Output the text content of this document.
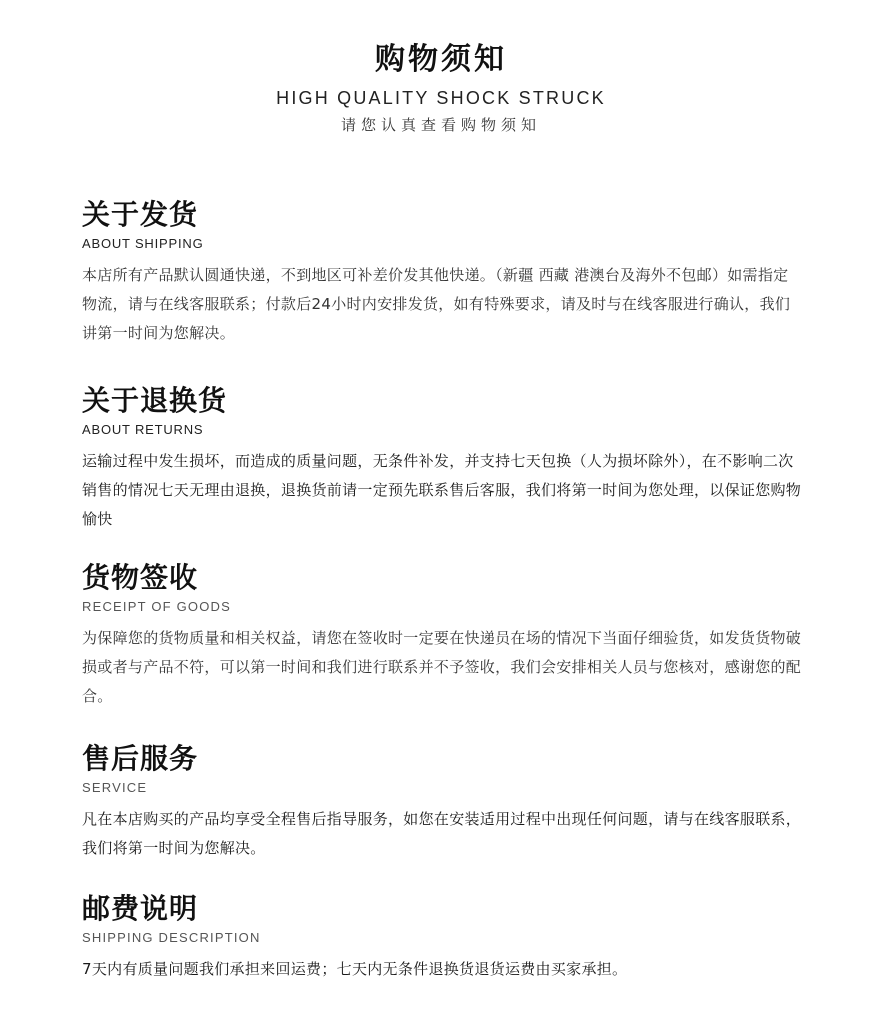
购物须知
HIGH QUALITY SHOCK STRUCK
请您认真查看购物须知
关于发货
ABOUT SHIPPING
本店所有产品默认圆通快递，不到地区可补差价发其他快递。（新疆 西藏 港澳台及海外不包邮）如需指定物流，请与在线客服联系；付款后24小时内安排发货，如有特殊要求，请及时与在线客服进行确认，我们讲第一时间为您解决。
关于退换货
ABOUT RETURNS
运输过程中发生损坏，而造成的质量问题，无条件补发，并支持七天包换（人为损坏除外），在不影响二次销售的情况七天无理由退换，退换货前请一定预先联系售后客服，我们将第一时间为您处理，以保证您购物愉快
货物签收
RECEIPT OF GOODS
为保障您的货物质量和相关权益，请您在签收时一定要在快递员在场的情况下当面仔细验货，如发货货物破损或者与产品不符，可以第一时间和我们进行联系并不予签收，我们会安排相关人员与您核对，感谢您的配合。
售后服务
SERVICE
凡在本店购买的产品均享受全程售后指导服务，如您在安装适用过程中出现任何问题，请与在线客服联系，我们将第一时间为您解决。
邮费说明
SHIPPING DESCRIPTION
7天内有质量问题我们承担来回运费；七天内无条件退换货退货运费由买家承担。
